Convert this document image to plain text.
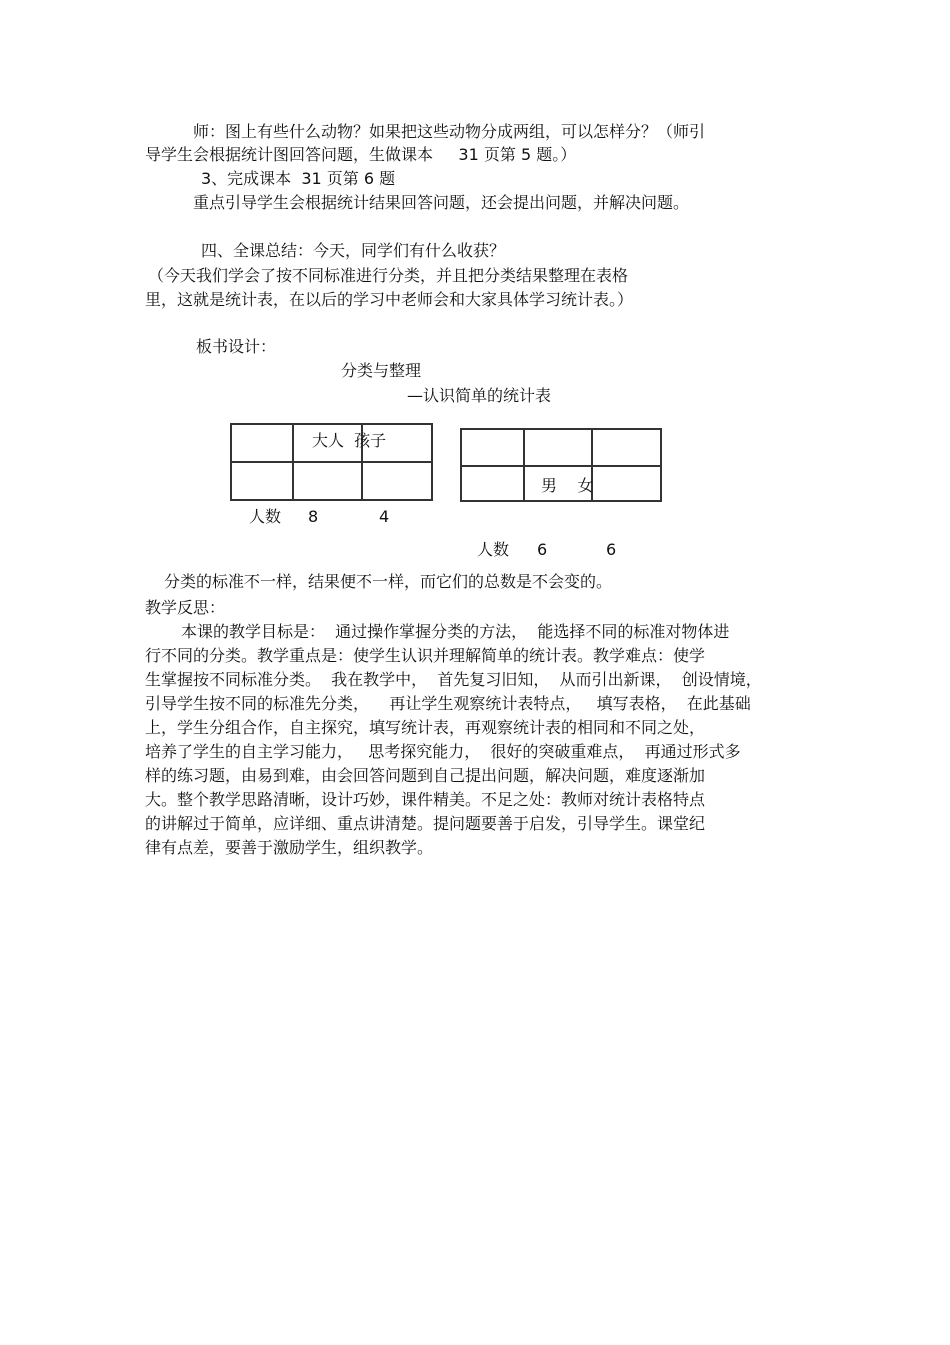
师：图上有些什么动物？如果把这些动物分成两组，可以怎样分？（师引
导学生会根据统计图回答问题，生做课本     31 页第 5 题。）
3、完成课本  31 页第 6 题
重点引导学生会根据统计结果回答问题，还会提出问题，并解决问题。
四、全课总结：今天，同学们有什么收获？
（今天我们学会了按不同标准进行分类，并且把分类结果整理在表格
里，这就是统计表，在以后的学习中老师会和大家具体学习统计表。）
板书设计：
分类与整理
—认识简单的统计表

大人  孩子
人数 8	4

男    女
人数 6	6
分类的标准不一样，结果便不一样，而它们的总数是不会变的。
教学反思：
本课的教学目标是：  通过操作掌握分类的方法，  能选择不同的标准对物体进
行不同的分类。教学重点是：使学生认识并理解简单的统计表。教学难点：使学
生掌握按不同标准分类。  我在教学中，  首先复习旧知，  从而引出新课，  创设情境，
引导学生按不同的标准先分类，    再让学生观察统计表特点，   填写表格，  在此基础
上，学生分组合作，自主探究，填写统计表，再观察统计表的相同和不同之处，
培养了学生的自主学习能力，   思考探究能力，  很好的突破重难点，  再通过形式多
样的练习题，由易到难，由会回答问题到自己提出问题，解决问题，难度逐渐加
大。整个教学思路清晰，设计巧妙，课件精美。不足之处：教师对统计表格特点
的讲解过于简单，应详细、重点讲清楚。提问题要善于启发，引导学生。课堂纪
律有点差，要善于激励学生，组织教学。
